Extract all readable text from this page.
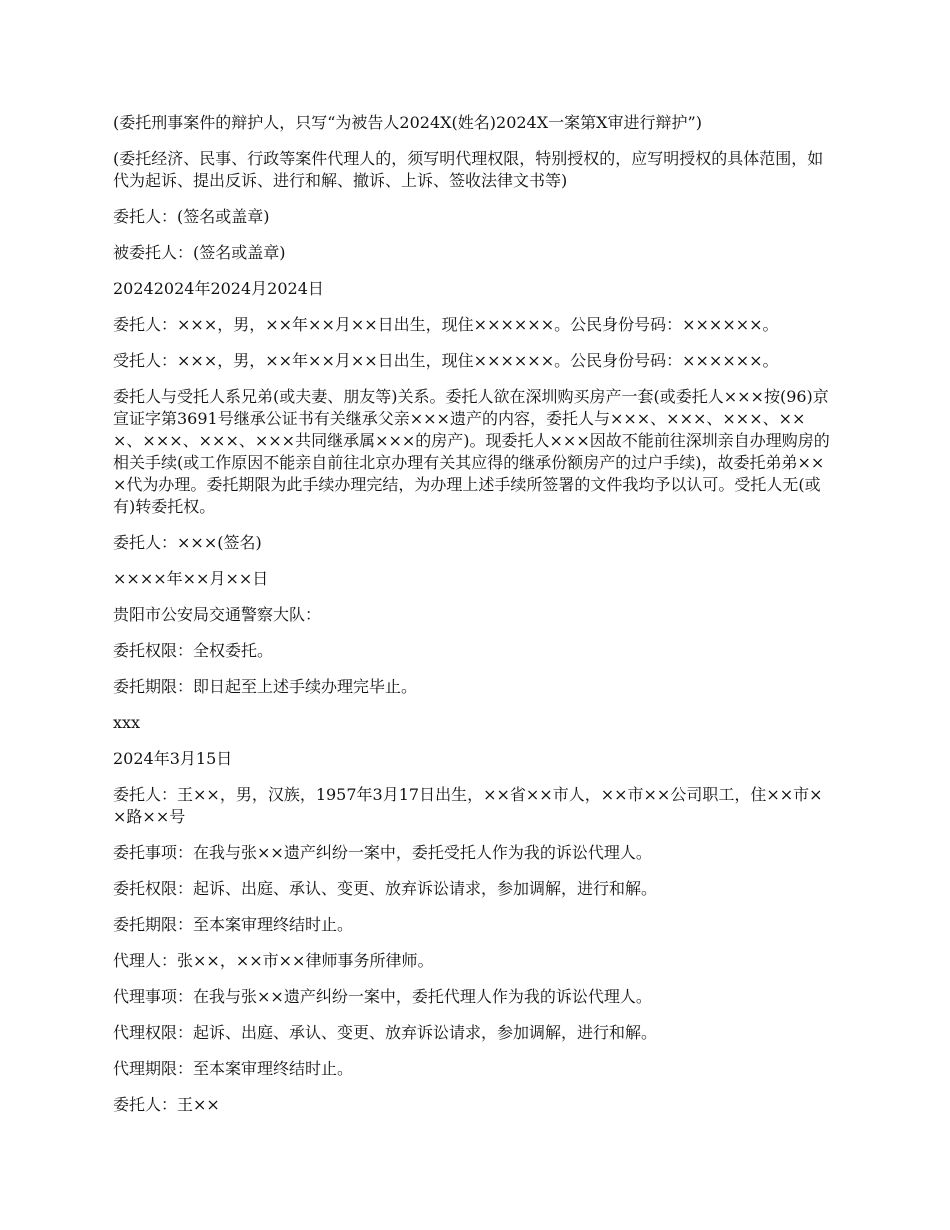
(委托刑事案件的辩护人，只写“为被告人2024X(姓名)2024X一案第X审进行辩护”)

(委托经济、民事、行政等案件代理人的，须写明代理权限，特别授权的，应写明授权的具体范围，如代为起诉、提出反诉、进行和解、撤诉、上诉、签收法律文书等)

委托人：(签名或盖章)

被委托人：(签名或盖章)

20242024年2024月2024日

委托人：×××，男，××年××月××日出生，现住××××××。公民身份号码：××××××。

受托人：×××，男，××年××月××日出生，现住××××××。公民身份号码：××××××。

委托人与受托人系兄弟(或夫妻、朋友等)关系。委托人欲在深圳购买房产一套(或委托人×××按(96)京宣证字第3691号继承公证书有关继承父亲×××遗产的内容，委托人与×××、×××、×××、×××、×××、×××、×××共同继承属×××的房产)。现委托人×××因故不能前往深圳亲自办理购房的相关手续(或工作原因不能亲自前往北京办理有关其应得的继承份额房产的过户手续)，故委托弟弟×××代为办理。委托期限为此手续办理完结，为办理上述手续所签署的文件我均予以认可。受托人无(或有)转委托权。

委托人：×××(签名)

××××年××月××日

贵阳市公安局交通警察大队：

委托权限：全权委托。

委托期限：即日起至上述手续办理完毕止。

xxx

2024年3月15日

委托人：王××，男，汉族，1957年3月17日出生，××省××市人，××市××公司职工，住××市××路××号

委托事项：在我与张××遗产纠纷一案中，委托受托人作为我的诉讼代理人。

委托权限：起诉、出庭、承认、变更、放弃诉讼请求，参加调解，进行和解。

委托期限：至本案审理终结时止。

代理人：张××，××市××律师事务所律师。

代理事项：在我与张××遗产纠纷一案中，委托代理人作为我的诉讼代理人。

代理权限：起诉、出庭、承认、变更、放弃诉讼请求，参加调解，进行和解。

代理期限：至本案审理终结时止。

委托人：王××
